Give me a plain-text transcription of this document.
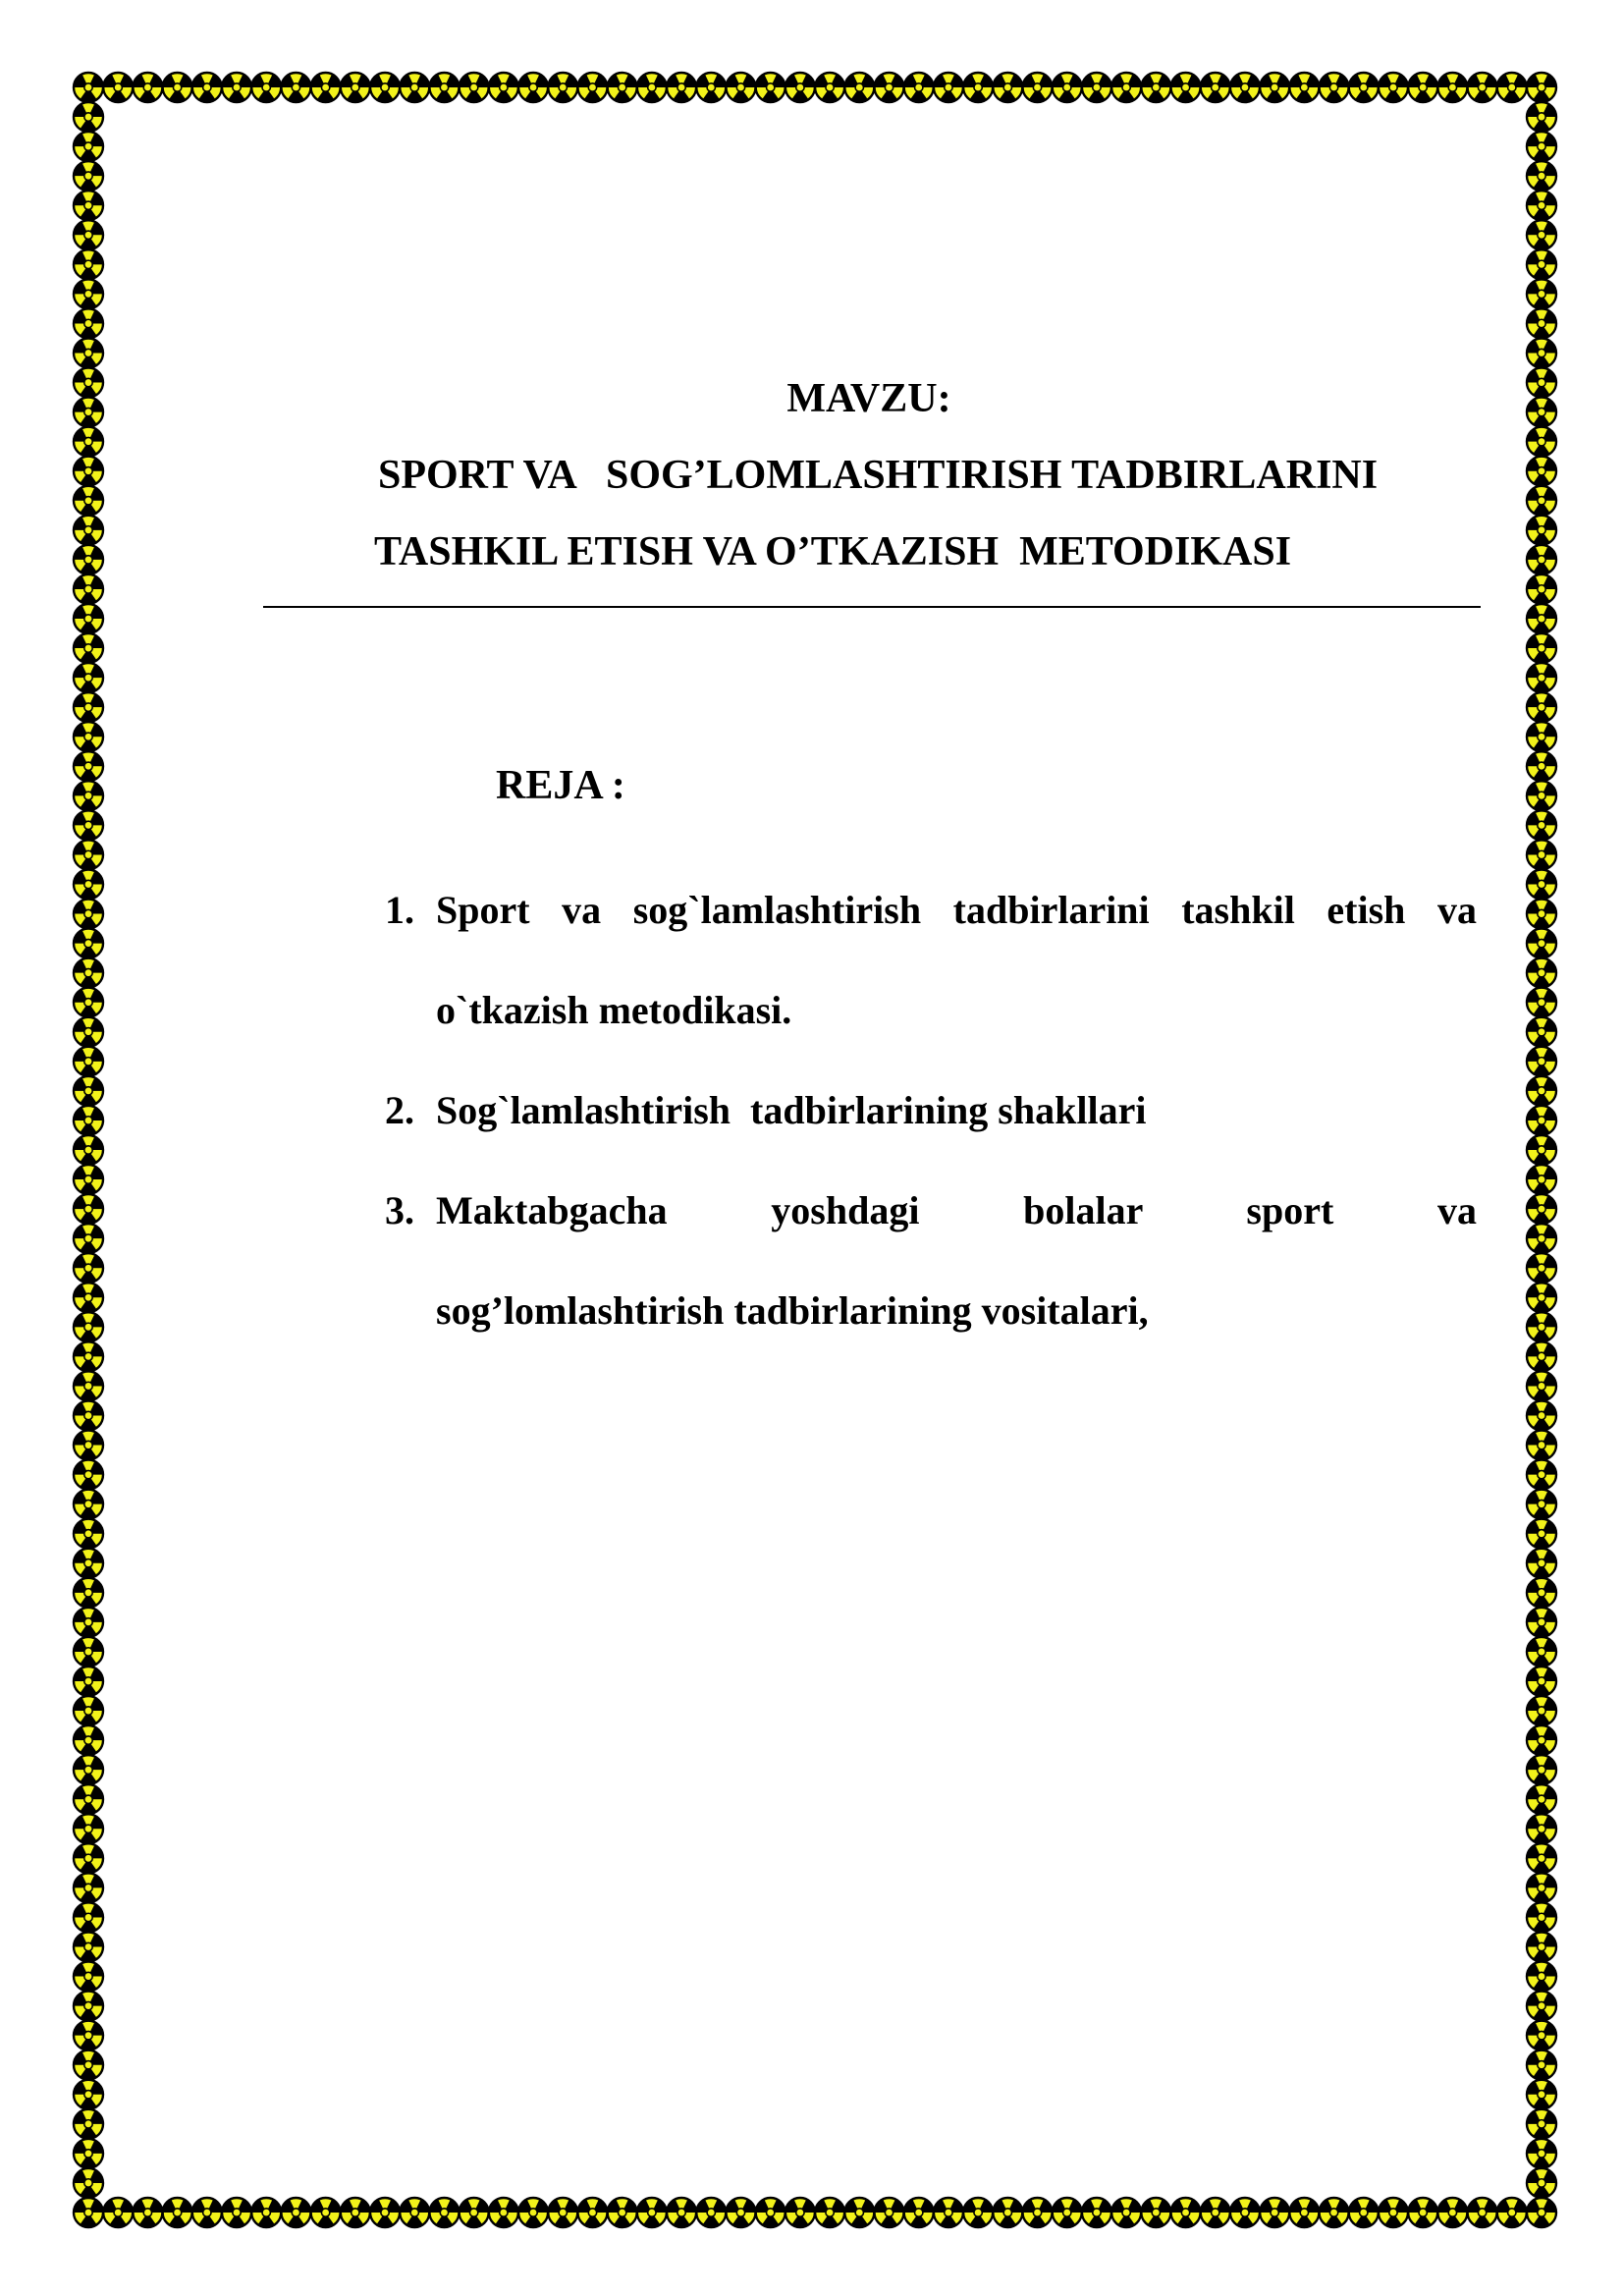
MAVZU:
SPORT VA   SOG’LOMLASHTIRISH TADBIRLARINI
TASHKIL ETISH VA O’TKAZISH  METODIKASI
REJA :
1. Sport va sog`lamlashtirish tadbirlarini tashkil etish va
o`tkazish metodikasi.
2. Sog`lamlashtirish  tadbirlarining shakllari
3. Maktabgacha yoshdagi bolalar sport va
sog’lomlashtirish tadbirlarining vositalari,
